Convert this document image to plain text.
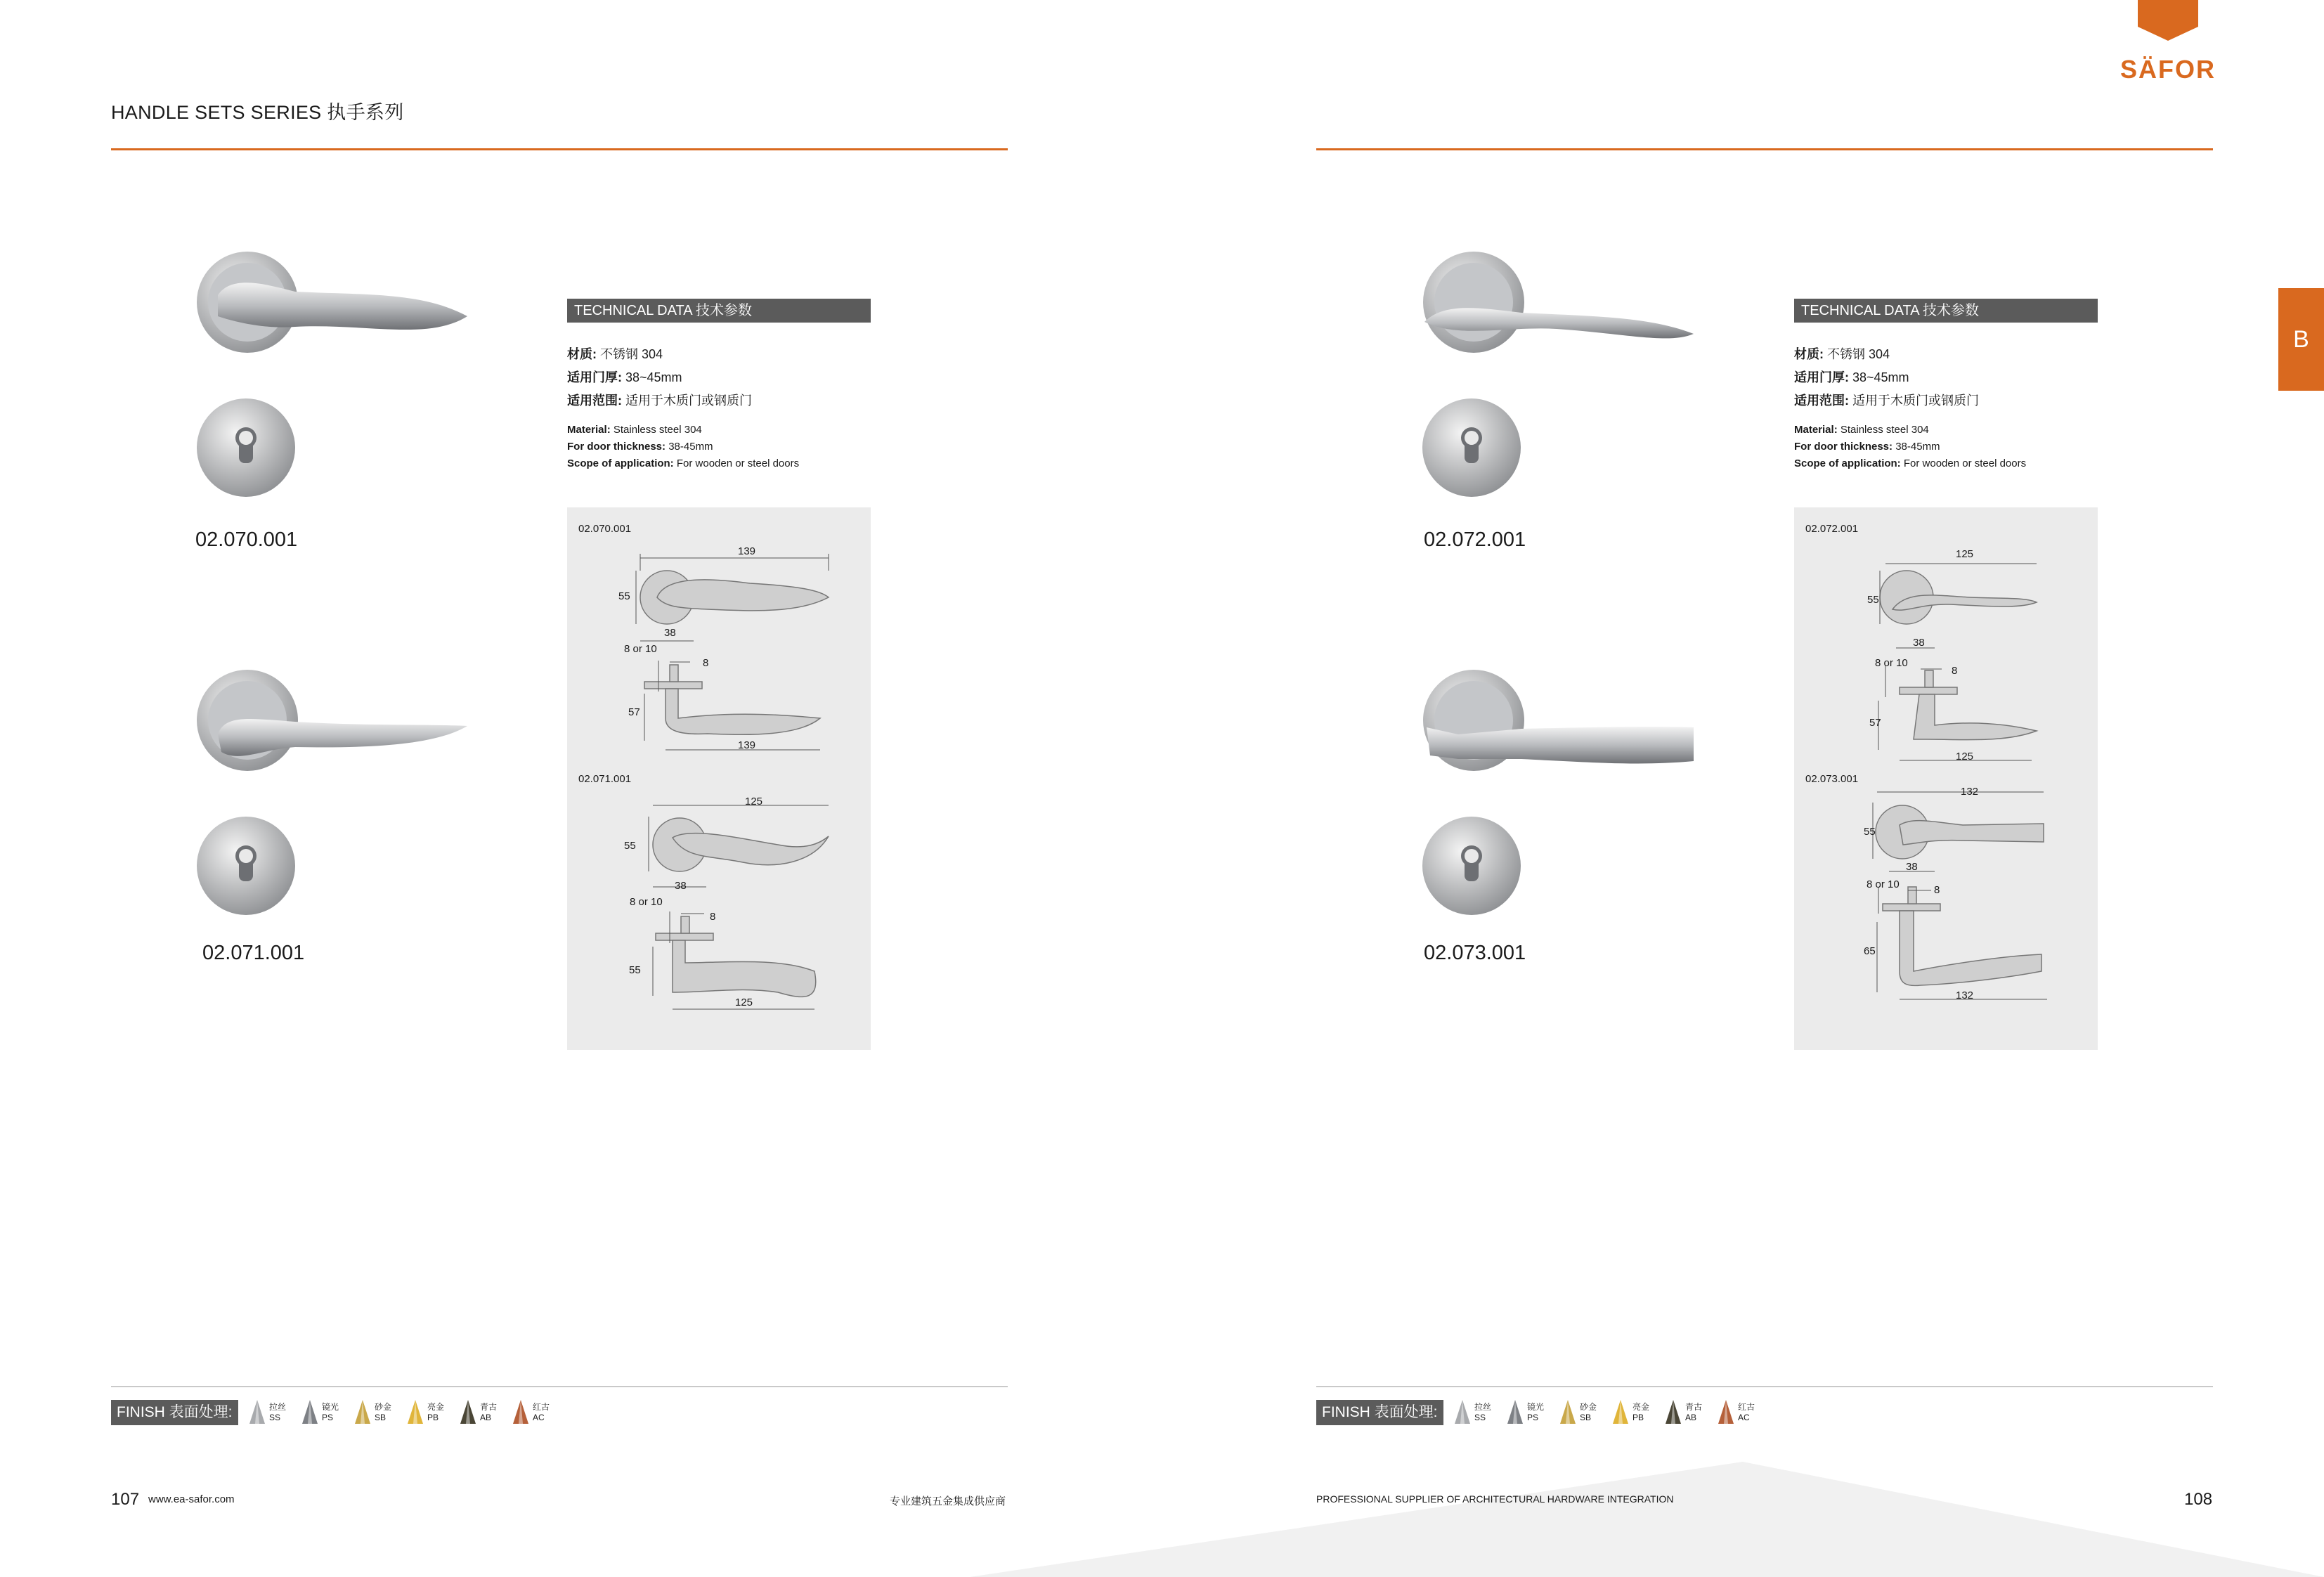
HANDLE SETS SERIES 执手系列
SÄFOR
B
02.070.001
02.071.001
TECHNICAL DATA 技术参数
材质: 不锈钢 304
适用门厚: 38~45mm
适用范围: 适用于木质门或钢质门
Material: Stainless steel 304
For door thickness: 38-45mm
Scope of application: For wooden or steel doors
02.070.001
139
55
38
8 or 10
8
57
139
02.071.001
125
55
38
8 or 10
8
55
125
02.072.001
02.073.001
TECHNICAL DATA 技术参数
材质: 不锈钢 304
适用门厚: 38~45mm
适用范围: 适用于木质门或钢质门
Material: Stainless steel 304
For door thickness: 38-45mm
Scope of application: For wooden or steel doors
02.072.001
125
55
38
8 or 10
8
57
125
02.073.001
132
55
38
8 or 10	8
65
132
FINISH 表面处理:	FINISH 表面处理:
拉丝
SS
镜光
PS
砂金
SB
亮金
PB
青古
AB
红古
AC
拉丝
SS
镜光
PS
砂金
SB
亮金
PB
青古
AB
红古
AC
107 www.ea-safor.com	专业建筑五金集成供应商	PROFESSIONAL SUPPLIER OF ARCHITECTURAL HARDWARE INTEGRATION	108
